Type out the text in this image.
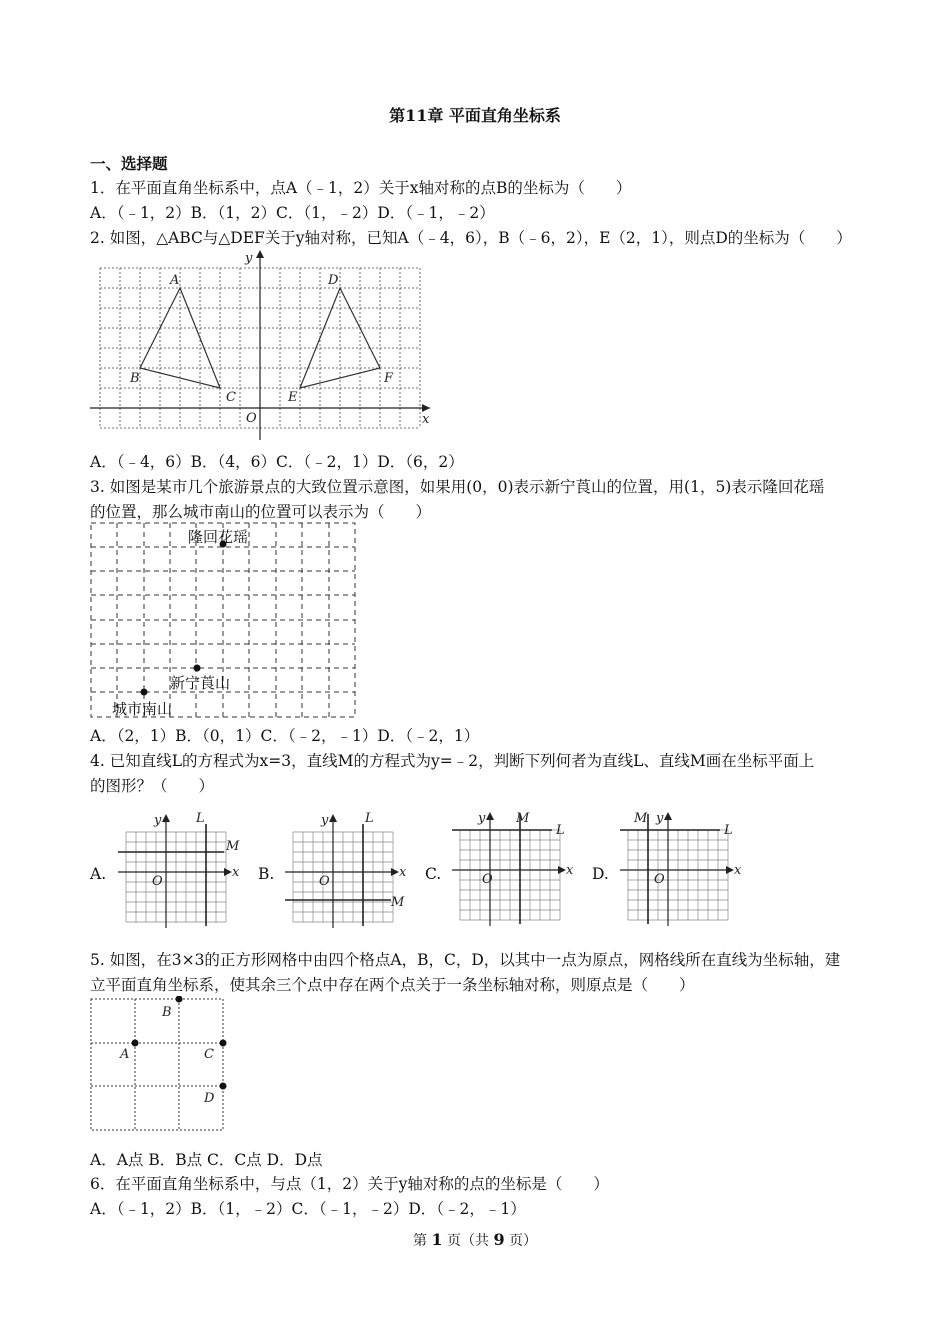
第11章 平面直角坐标系
一、选择题
1．在平面直角坐标系中，点A（﹣1，2）关于x轴对称的点B的坐标为（　　）
A．（﹣1，2）B．（1，2）C．（1，﹣2）D．（﹣1，﹣2）
2. 如图，△ABC与△DEF关于y轴对称，已知A（﹣4，6），B（﹣6，2），E（2，1），则点D的坐标为（　　）
A
B
C
D
E
F
O	x
y
A．（﹣4，6）B．（4，6）C．（﹣2，1）D．（6，2）
3. 如图是某市几个旅游景点的大致位置示意图，如果用(0，0)表示新宁莨山的位置，用(1，5)表示隆回花瑶
的位置，那么城市南山的位置可以表示为（　　）
隆回花瑶
新宁莨山
城市南山
A．（2，1）B．（0，1）C．（﹣2，﹣1）D．（﹣2，1）
4. 已知直线L的方程式为x=3，直线M的方程式为y=﹣2，判断下列何者为直线L、直线M画在坐标平面上
的图形？（　　）
A.
y	L
M
O
x B.
y	L
M
O
x C.
y M
L
O
x D.
M y
L
O
x
5. 如图，在3×3的正方形网格中由四个格点A，B，C，D，以其中一点为原点，网格线所在直线为坐标轴，建
立平面直角坐标系，使其余三个点中存在两个点关于一条坐标轴对称，则原点是（　　）
B
A	C
D
A．A点 B．B点 C．C点 D．D点
6．在平面直角坐标系中，与点（1，2）关于y轴对称的点的坐标是（　　）
A．（﹣1，2）B．（1，﹣2）C．（﹣1，﹣2）D．（﹣2，﹣1）
第 1 页（共 9 页）
